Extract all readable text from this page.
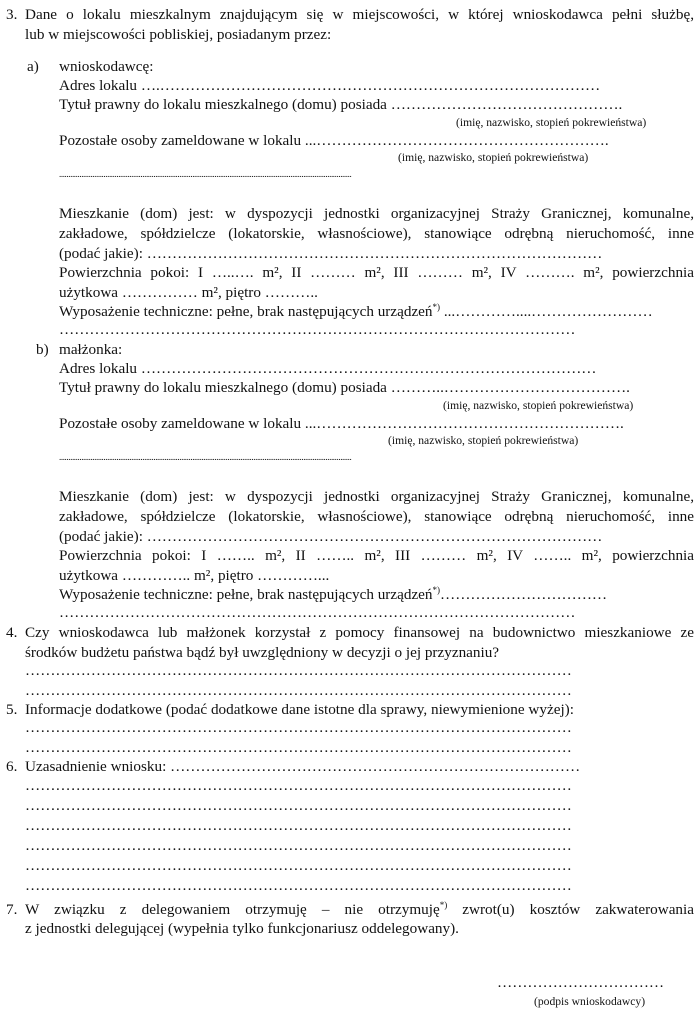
3. Dane o lokalu mieszkalnym znajdującym się w miejscowości, w której wnioskodawca pełni służbę,
lub w miejscowości pobliskiej, posiadanym przez:
a) wnioskodawcę:
Adres lokalu ….……………………………………………………………………………
Tytuł prawny do lokalu mieszkalnego (domu) posiada ……………………………………….
(imię, nazwisko, stopień pokrewieństwa)
Pozostałe osoby zameldowane w lokalu ...………………………………………………….
(imię, nazwisko, stopień pokrewieństwa)
..............................................................................................................................................................
Mieszkanie (dom) jest: w dyspozycji jednostki organizacyjnej Straży Granicznej, komunalne,
zakładowe, spółdzielcze (lokatorskie, własnościowe), stanowiące odrębną nieruchomość, inne
(podać jakie): ………………………………………………………………………………
Powierzchnia pokoi: I …..…. m², II ……… m², III ……… m², IV ………. m², powierzchnia
użytkowa …………… m², piętro ………..
Wyposażenie techniczne: pełne, brak następujących urządzeń*) ...…………....……………………
…………………………………………………………………………………………
b) małżonka:
Adres lokalu ………………………………………………………………………………
Tytuł prawny do lokalu mieszkalnego (domu) posiada ………..……………………………….
(imię, nazwisko, stopień pokrewieństwa)
Pozostałe osoby zameldowane w lokalu ...…………………………………………………….
(imię, nazwisko, stopień pokrewieństwa)
..............................................................................................................................................................
Mieszkanie (dom) jest: w dyspozycji jednostki organizacyjnej Straży Granicznej, komunalne,
zakładowe, spółdzielcze (lokatorskie, własnościowe), stanowiące odrębną nieruchomość, inne
(podać jakie): ………………………………………………………………………………
Powierzchnia pokoi: I …….. m², II …….. m², III ……… m², IV …….. m², powierzchnia
użytkowa ………….. m², piętro …………...
Wyposażenie techniczne: pełne, brak następujących urządzeń*)……………………………
…………………………………………………………………………………………
4. Czy wnioskodawca lub małżonek korzystał z pomocy finansowej na budownictwo mieszkaniowe ze
środków budżetu państwa bądź był uwzględniony w decyzji o jej przyznaniu?
………………………………………………………………………………………………
………………………………………………………………………………………………
5. Informacje dodatkowe (podać dodatkowe dane istotne dla sprawy, niewymienione wyżej):
………………………………………………………………………………………………
………………………………………………………………………………………………
6. Uzasadnienie wniosku: ………………………………………………………………………
………………………………………………………………………………………………
………………………………………………………………………………………………
………………………………………………………………………………………………
………………………………………………………………………………………………
………………………………………………………………………………………………
………………………………………………………………………………………………
7. W związku z delegowaniem otrzymuję – nie otrzymuję*) zwrot(u) kosztów zakwaterowania
z jednostki delegującej (wypełnia tylko funkcjonariusz oddelegowany).
……………………………
(podpis wnioskodawcy)
